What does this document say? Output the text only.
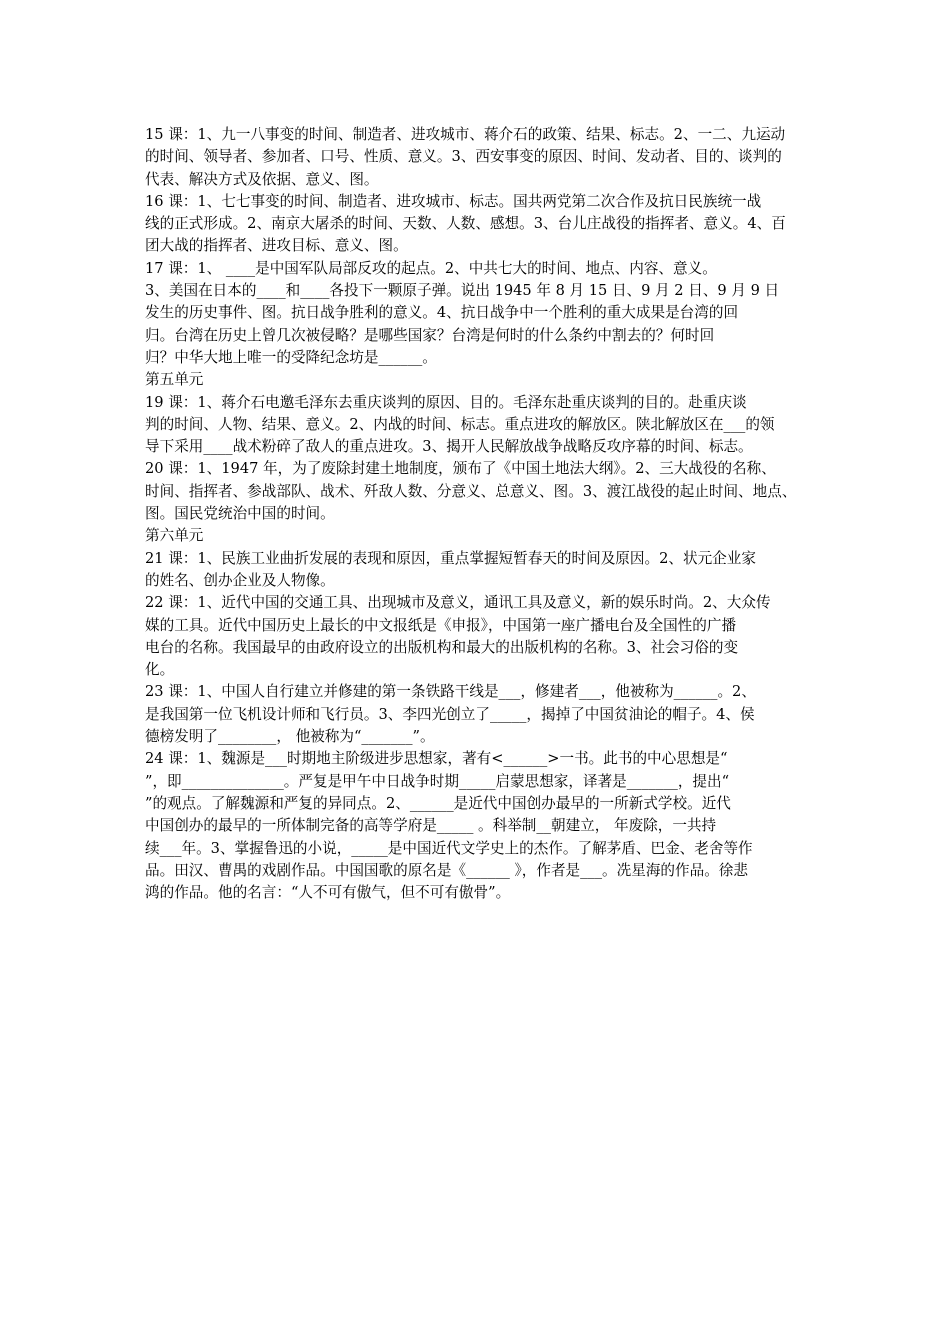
15 课：1、九一八事变的时间、制造者、进攻城市、蒋介石的政策、结果、标志。2、一二、九运动
的时间、领导者、参加者、口号、性质、意义。3、西安事变的原因、时间、发动者、目的、谈判的
代表、解决方式及依据、意义、图。
16 课：1、七七事变的时间、制造者、进攻城市、标志。国共两党第二次合作及抗日民族统一战
线的正式形成。2、南京大屠杀的时间、天数、人数、感想。3、台儿庄战役的指挥者、意义。4、百
团大战的指挥者、进攻目标、意义、图。
17 课：1、 ____是中国军队局部反攻的起点。2、中共七大的时间、地点、内容、意义。
3、美国在日本的____和____各投下一颗原子弹。说出 1945 年 8 月 15 日、9 月 2 日、9 月 9 日
发生的历史事件、图。抗日战争胜利的意义。4、抗日战争中一个胜利的重大成果是台湾的回
归。台湾在历史上曾几次被侵略？是哪些国家？台湾是何时的什么条约中割去的？何时回
归？中华大地上唯一的受降纪念坊是______。
第五单元
19 课：1、蒋介石电邀毛泽东去重庆谈判的原因、目的。毛泽东赴重庆谈判的目的。赴重庆谈
判的时间、人物、结果、意义。2、内战的时间、标志。重点进攻的解放区。陕北解放区在___的领
导下采用____战术粉碎了敌人的重点进攻。3、揭开人民解放战争战略反攻序幕的时间、标志。
20 课：1、1947 年，为了废除封建土地制度，颁布了《中国土地法大纲》。2、三大战役的名称、
时间、指挥者、参战部队、战术、歼敌人数、分意义、总意义、图。3、渡江战役的起止时间、地点、
图。国民党统治中国的时间。
第六单元
21 课：1、民族工业曲折发展的表现和原因，重点掌握短暂春天的时间及原因。2、状元企业家
的姓名、创办企业及人物像。
22 课：1、近代中国的交通工具、出现城市及意义，通讯工具及意义，新的娱乐时尚。2、大众传
媒的工具。近代中国历史上最长的中文报纸是《申报》，中国第一座广播电台及全国性的广播
电台的名称。我国最早的由政府设立的出版机构和最大的出版机构的名称。3、社会习俗的变
化。
23 课：1、中国人自行建立并修建的第一条铁路干线是___，修建者___，他被称为______。2、
是我国第一位飞机设计师和飞行员。3、李四光创立了_____，揭掉了中国贫油论的帽子。4、侯
德榜发明了________， 他被称为“_______”。
24 课：1、魏源是___时期地主阶级进步思想家，著有<______>一书。此书的中心思想是“
”，即______________。严复是甲午中日战争时期_____启蒙思想家，译著是_______，提出“
”的观点。了解魏源和严复的异同点。2、______是近代中国创办最早的一所新式学校。近代
中国创办的最早的一所体制完备的高等学府是_____ 。科举制__朝建立， 年废除，一共持
续___年。3、掌握鲁迅的小说，_____是中国近代文学史上的杰作。了解茅盾、巴金、老舍等作
品。田汉、曹禺的戏剧作品。中国国歌的原名是《______ 》，作者是___。冼星海的作品。徐悲
鸿的作品。他的名言：“人不可有傲气，但不可有傲骨”。
